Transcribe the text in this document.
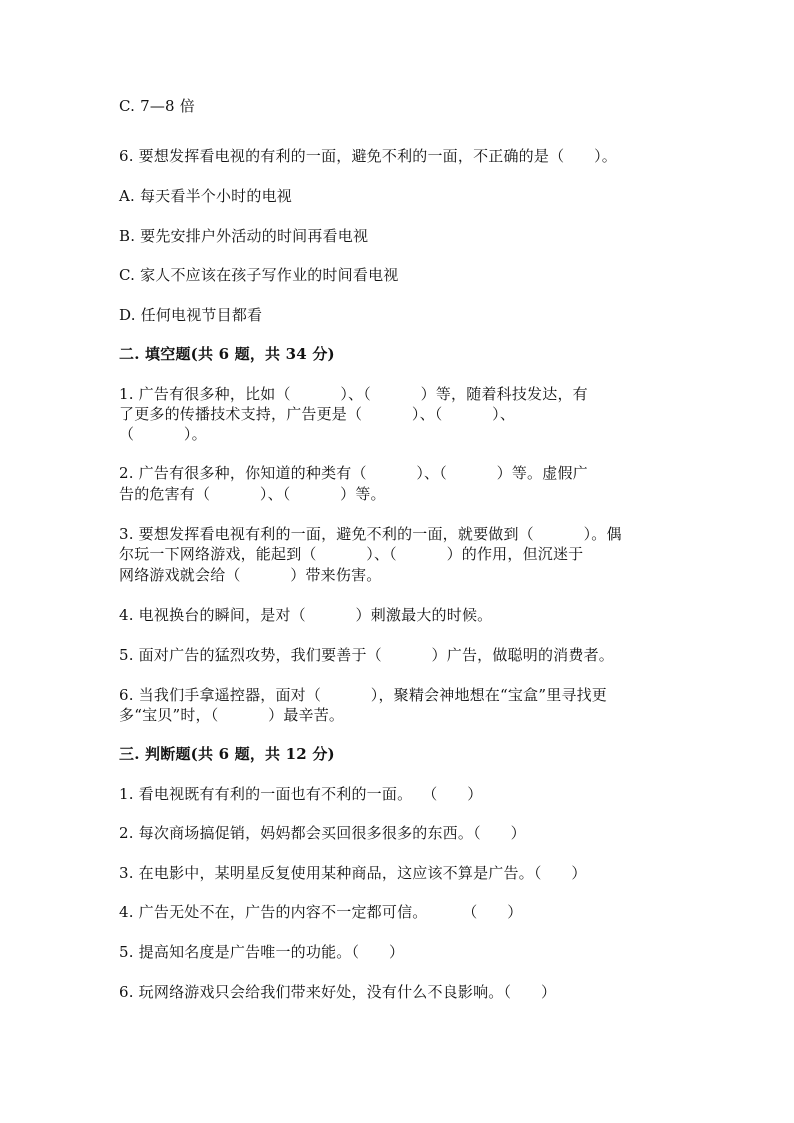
C. 7—8 倍
6. 要想发挥看电视的有利的一面，避免不利的一面，不正确的是（      ）。
A. 每天看半个小时的电视
B. 要先安排户外活动的时间再看电视
C. 家人不应该在孩子写作业的时间看电视
D. 任何电视节目都看
二. 填空题(共 6 题，共 34 分)
1. 广告有很多种，比如（          ）、（          ）等，随着科技发达，有
了更多的传播技术支持，广告更是（          ）、（          ）、
（          ）。
2. 广告有很多种，你知道的种类有（          ）、（          ）等。虚假广
告的危害有（          ）、（          ）等。
3. 要想发挥看电视有利的一面，避免不利的一面，就要做到（          ）。偶
尔玩一下网络游戏，能起到（          ）、（          ）的作用，但沉迷于
网络游戏就会给（          ）带来伤害。
4. 电视换台的瞬间，是对（          ）刺激最大的时候。
5. 面对广告的猛烈攻势，我们要善于（          ）广告，做聪明的消费者。
6. 当我们手拿遥控器，面对（          ），聚精会神地想在“宝盒”里寻找更
多“宝贝”时，（          ）最辛苦。
三. 判断题(共 6 题，共 12 分)
1. 看电视既有有利的一面也有不利的一面。  （      ）
2. 每次商场搞促销，妈妈都会买回很多很多的东西。（      ）
3. 在电影中，某明星反复使用某种商品，这应该不算是广告。（      ）
4. 广告无处不在，广告的内容不一定都可信。       （      ）
5. 提高知名度是广告唯一的功能。（      ）
6. 玩网络游戏只会给我们带来好处，没有什么不良影响。（      ）
